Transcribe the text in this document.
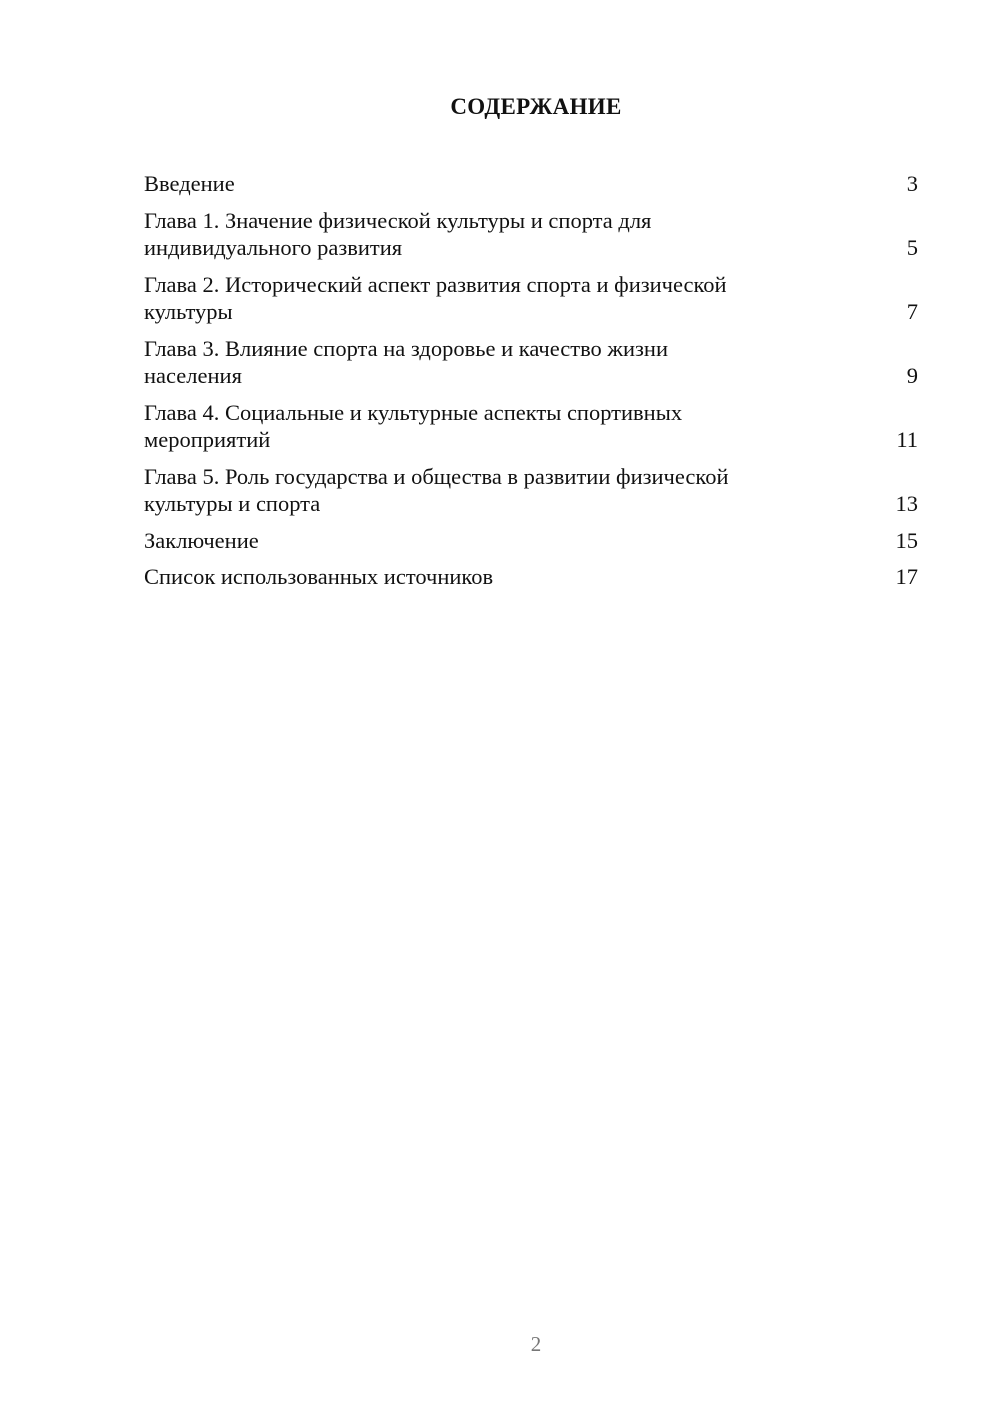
СОДЕРЖАНИЕ
Введение	3
Глава 1. Значение физической культуры и спорта для
индивидуального развития	5
Глава 2. Исторический аспект развития спорта и физической
культуры	7
Глава 3. Влияние спорта на здоровье и качество жизни
населения	9
Глава 4. Социальные и культурные аспекты спортивных
мероприятий	11
Глава 5. Роль государства и общества в развитии физической
культуры и спорта	13
Заключение	15
Список использованных источников	17
2
